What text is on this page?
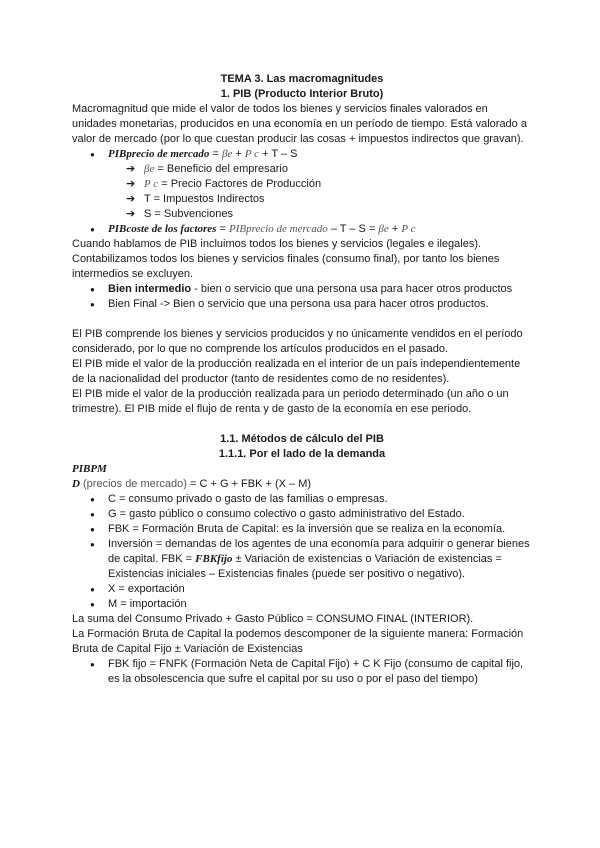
TEMA 3. Las macromagnitudes

1. PIB (Producto Interior Bruto)

Macromagnitud que mide el valor de todos los bienes y servicios finales valorados en unidades monetarias, producidos en una economía en un período de tiempo. Está valorado a valor de mercado (por lo que cuestan producir las cosas + impuestos indirectos que gravan).

● PIBprecio de mercado = βe + P c + T – S
➔ βe = Beneficio del empresario
➔ P c = Precio Factores de Producción
➔ T = Impuestos Indirectos
➔ S = Subvenciones
● PIBcoste de los factores = PIBprecio de mercado – T – S = βe + P c

Cuando hablamos de PIB incluimos todos los bienes y servicios (legales e ilegales). Contabilizamos todos los bienes y servicios finales (consumo final), por tanto los bienes intermedios se excluyen.

● Bien intermedio - bien o servicio que una persona usa para hacer otros productos
● Bien Final -> Bien o servicio que una persona usa para hacer otros productos.

El PIB comprende los bienes y servicios producidos y no únicamente vendidos en el período considerado, por lo que no comprende los artículos producidos en el pasado.

El PIB mide el valor de la producción realizada en el interior de un país independientemente de la nacionalidad del productor (tanto de residentes como de no residentes).

El PIB mide el valor de la producción realizada para un periodo determinado (un año o un trimestre). El PIB mide el flujo de renta y de gasto de la economía en ese periodo.

1.1. Métodos de cálculo del PIB

1.1.1. Por el lado de la demanda

PIBPM

D (precios de mercado) = C + G + FBK + (X – M)

● C = consumo privado o gasto de las familias o empresas.
● G = gasto público o consumo colectivo o gasto administrativo del Estado.
● FBK = Formación Bruta de Capital: es la inversión que se realiza en la economía.
● Inversión = demandas de los agentes de una economía para adquirir o generar bienes de capital. FBK = FBKfijo ± Variación de existencias o Variación de existencias = Existencias iniciales – Existencias finales (puede ser positivo o negativo).
● X = exportación
● M = importación

La suma del Consumo Privado + Gasto Público = CONSUMO FINAL (INTERIOR).

La Formación Bruta de Capital la podemos descomponer de la siguiente manera: Formación Bruta de Capital Fijo ± Variación de Existencias

● FBK fijo = FNFK (Formación Neta de Capital Fijo) + C K Fijo (consumo de capital fijo, es la obsolescencia que sufre el capital por su uso o por el paso del tiempo)
